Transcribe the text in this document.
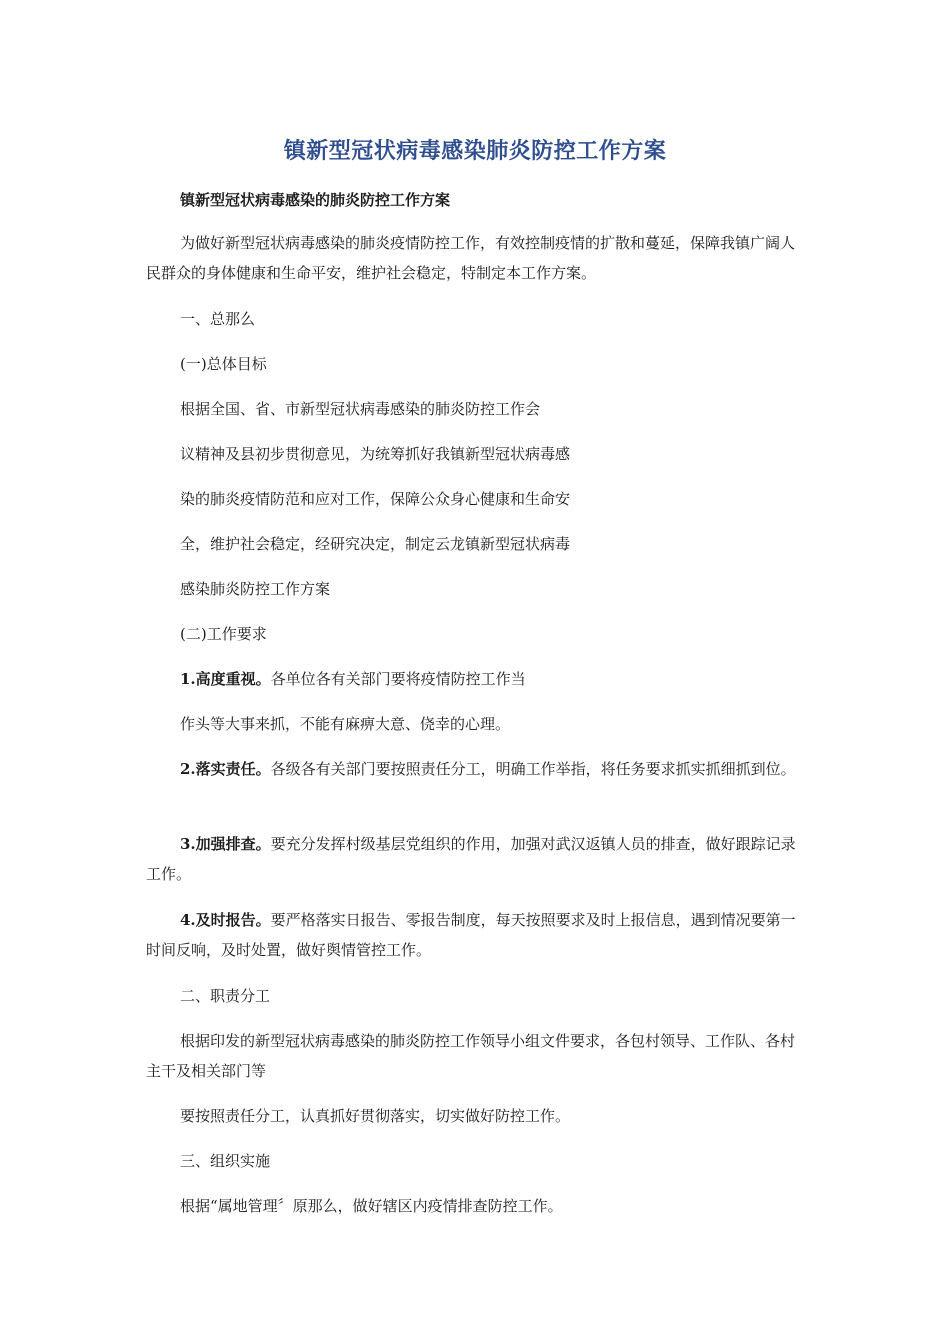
镇新型冠状病毒感染肺炎防控工作方案
镇新型冠状病毒感染的肺炎防控工作方案
为做好新型冠状病毒感染的肺炎疫情防控工作，有效控制疫情的扩散和蔓延，保障我镇广阔人民群众的身体健康和生命平安，维护社会稳定，特制定本工作方案。
一、总那么
(一)总体目标
根据全国、省、市新型冠状病毒感染的肺炎防控工作会
议精神及县初步贯彻意见，为统筹抓好我镇新型冠状病毒感
染的肺炎疫情防范和应对工作，保障公众身心健康和生命安
全，维护社会稳定，经研究决定，制定云龙镇新型冠状病毒
感染肺炎防控工作方案
(二)工作要求
1.高度重视。各单位各有关部门要将疫情防控工作当
作头等大事来抓，不能有麻痹大意、侥幸的心理。
2.落实责任。各级各有关部门要按照责任分工，明确工作举指，将任务要求抓实抓细抓到位。
3.加强排查。要充分发挥村级基层党组织的作用，加强对武汉返镇人员的排查，做好跟踪记录工作。
4.及时报告。要严格落实日报告、零报告制度，每天按照要求及时上报信息，遇到情况要第一时间反响，及时处置，做好舆情管控工作。
二、职责分工
根据印发的新型冠状病毒感染的肺炎防控工作领导小组文件要求，各包村领导、工作队、各村主干及相关部门等
要按照责任分工，认真抓好贯彻落实，切实做好防控工作。
三、组织实施
根据“属地管理〞原那么，做好辖区内疫情排查防控工作。
